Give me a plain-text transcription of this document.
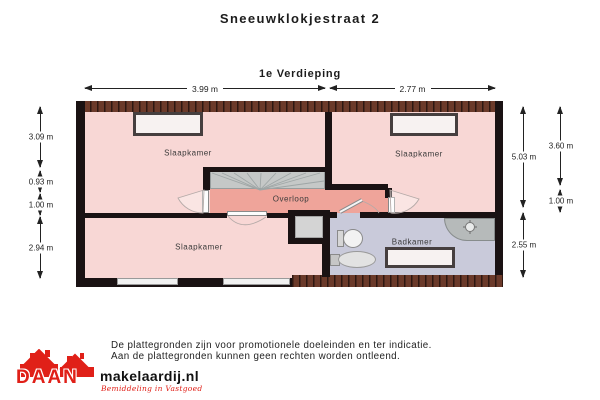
Sneeuwklokjestraat 2
1e Verdieping
3.99 m	2.77 m
3.09 m
0.93 m
1.00 m
2.94 m
5.03 m
2.55 m
3.60 m
1.00 m
Slaapkamer	Slaapkamer
Slaapkamer
Overloop
Badkamer
De plattegronden zijn voor promotionele doeleinden en ter indicatie.
Aan de plattegronden kunnen geen rechten worden ontleend.
DAAN makelaardij.nl
Bemiddeling in Vastgoed
